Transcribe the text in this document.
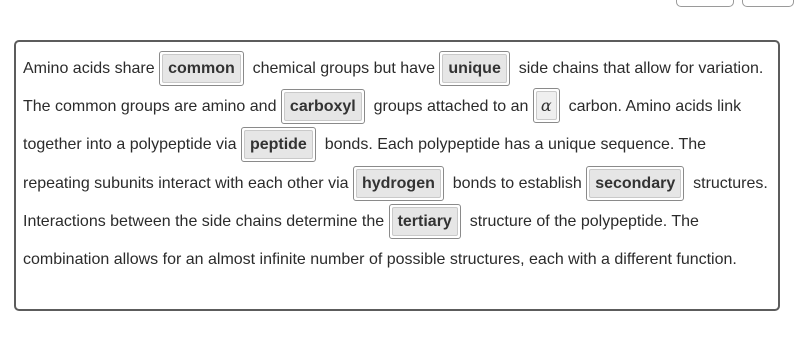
Amino acids share common  chemical groups but have unique  side chains that allow for variation. The common groups are amino and carboxyl  groups attached to an α  carbon. Amino acids link together into a polypeptide via peptide  bonds. Each polypeptide has a unique sequence. The repeating subunits interact with each other via hydrogen  bonds to establish secondary  structures. Interactions between the side chains determine the tertiary  structure of the polypeptide. The combination allows for an almost infinite number of possible structures, each with a different function.
